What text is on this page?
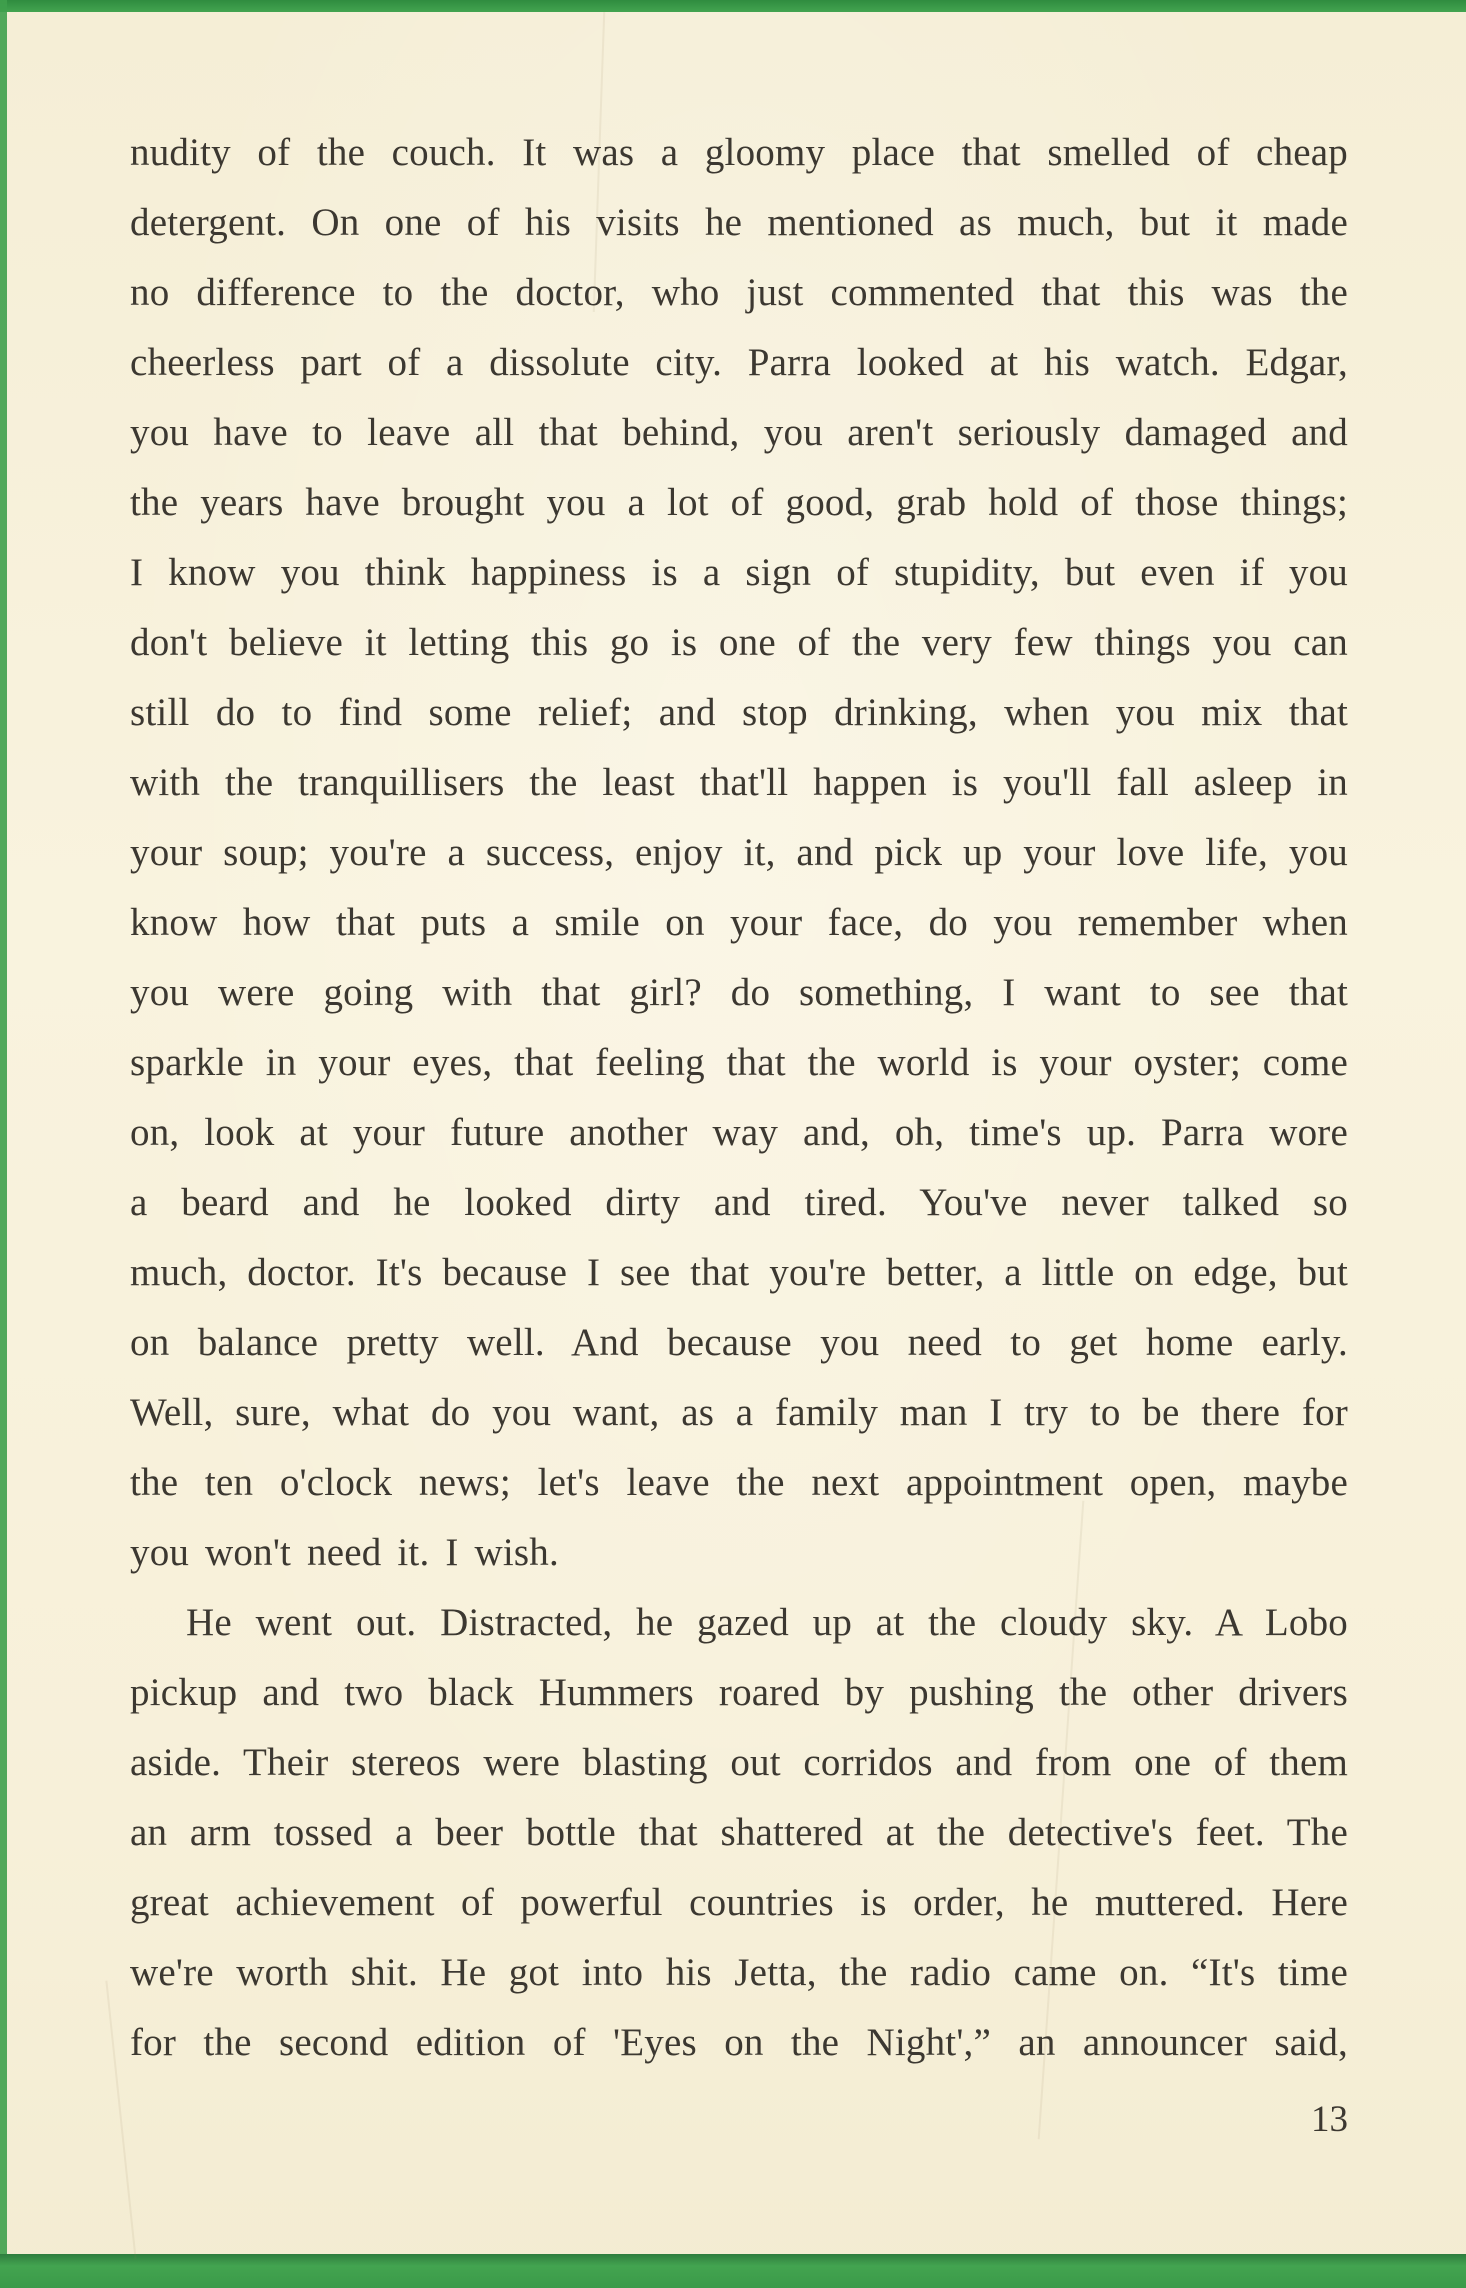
nudity of the couch. It was a gloomy place that smelled of cheap
detergent. On one of his visits he mentioned as much, but it made
no difference to the doctor, who just commented that this was the
cheerless part of a dissolute city. Parra looked at his watch. Edgar,
you have to leave all that behind, you aren't seriously damaged and
the years have brought you a lot of good, grab hold of those things;
I know you think happiness is a sign of stupidity, but even if you
don't believe it letting this go is one of the very few things you can
still do to find some relief; and stop drinking, when you mix that
with the tranquillisers the least that'll happen is you'll fall asleep in
your soup; you're a success, enjoy it, and pick up your love life, you
know how that puts a smile on your face, do you remember when
you were going with that girl? do something, I want to see that
sparkle in your eyes, that feeling that the world is your oyster; come
on, look at your future another way and, oh, time's up. Parra wore
a beard and he looked dirty and tired. You've never talked so
much, doctor. It's because I see that you're better, a little on edge, but
on balance pretty well. And because you need to get home early.
Well, sure, what do you want, as a family man I try to be there for
the ten o'clock news; let's leave the next appointment open, maybe
you won't need it. I wish.
He went out. Distracted, he gazed up at the cloudy sky. A Lobo
pickup and two black Hummers roared by pushing the other drivers
aside. Their stereos were blasting out corridos and from one of them
an arm tossed a beer bottle that shattered at the detective's feet. The
great achievement of powerful countries is order, he muttered. Here
we're worth shit. He got into his Jetta, the radio came on. “It's time
for the second edition of 'Eyes on the Night',” an announcer said,
13
